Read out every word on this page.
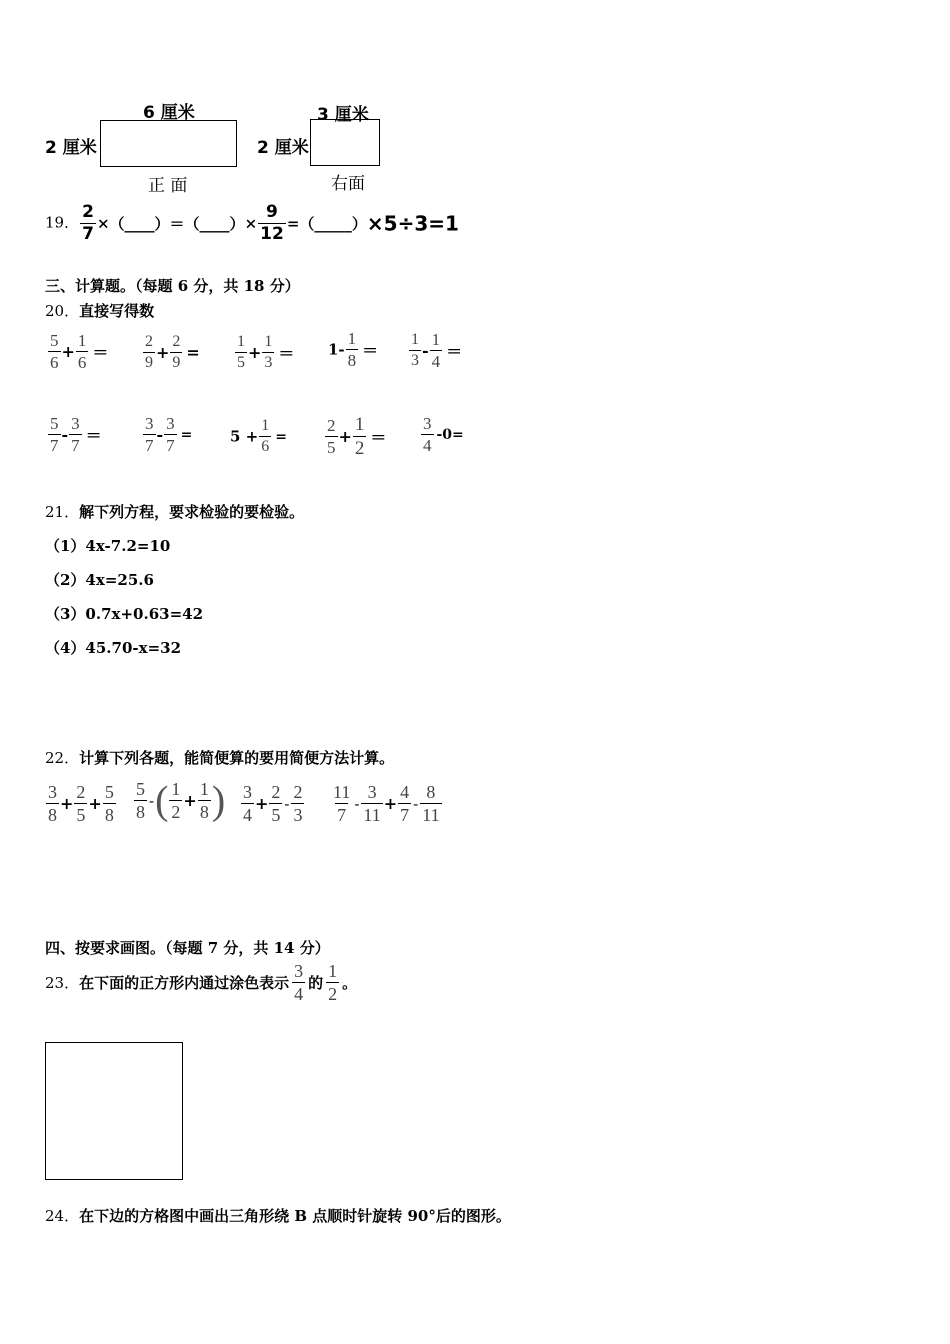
6 厘米
2 厘米
正 面
3 厘米
2 厘米
右面
19． $\frac{2}{7}$ ×（____）＝（____）× $\frac{9}{12}$ =（_____）×5÷3=1
三、计算题。（每题 6 分，共 18 分）
20．直接写得数
$\frac{5}{6} + \frac{1}{6} = \frac{2}{9} + \frac{2}{9} = \frac{1}{5} + \frac{1}{3} = 1- \frac{1}{8} = \frac{1}{3} - \frac{1}{4}$ ＝
$\frac{5}{7} - \frac{3}{7} = \frac{3}{7} - \frac{3}{7}$ =	$5 + \frac{1}{6} = \frac{2}{5} + \frac{1}{2} = \frac{3}{4} -0=$
21．解下列方程，要求检验的要检验。
（1）4x-7.2=10
（2）4x=25.6
（3）0.7x+0.63=42
（4）45.70-x=32
22．计算下列各题，能简便算的要用简便方法计算。
$\frac{3}{8} + \frac{2}{5} + \frac{5}{8} \frac{5}{8}$ -( $\frac{1}{2} + \frac{1}{8}$ ) $\frac{3}{4} + \frac{2}{5} - \frac{2}{3} \frac{11}{7} - \frac{3}{11} + \frac{4}{7} - \frac{8}{11}$
四、按要求画图。（每题 7 分，共 14 分）
23．在下面的正方形内通过涂色表示 $\frac{3}{4}$ 的 $\frac{1}{2}$ 。
24．在下边的方格图中画出三角形绕 B 点顺时针旋转 90°后的图形。
